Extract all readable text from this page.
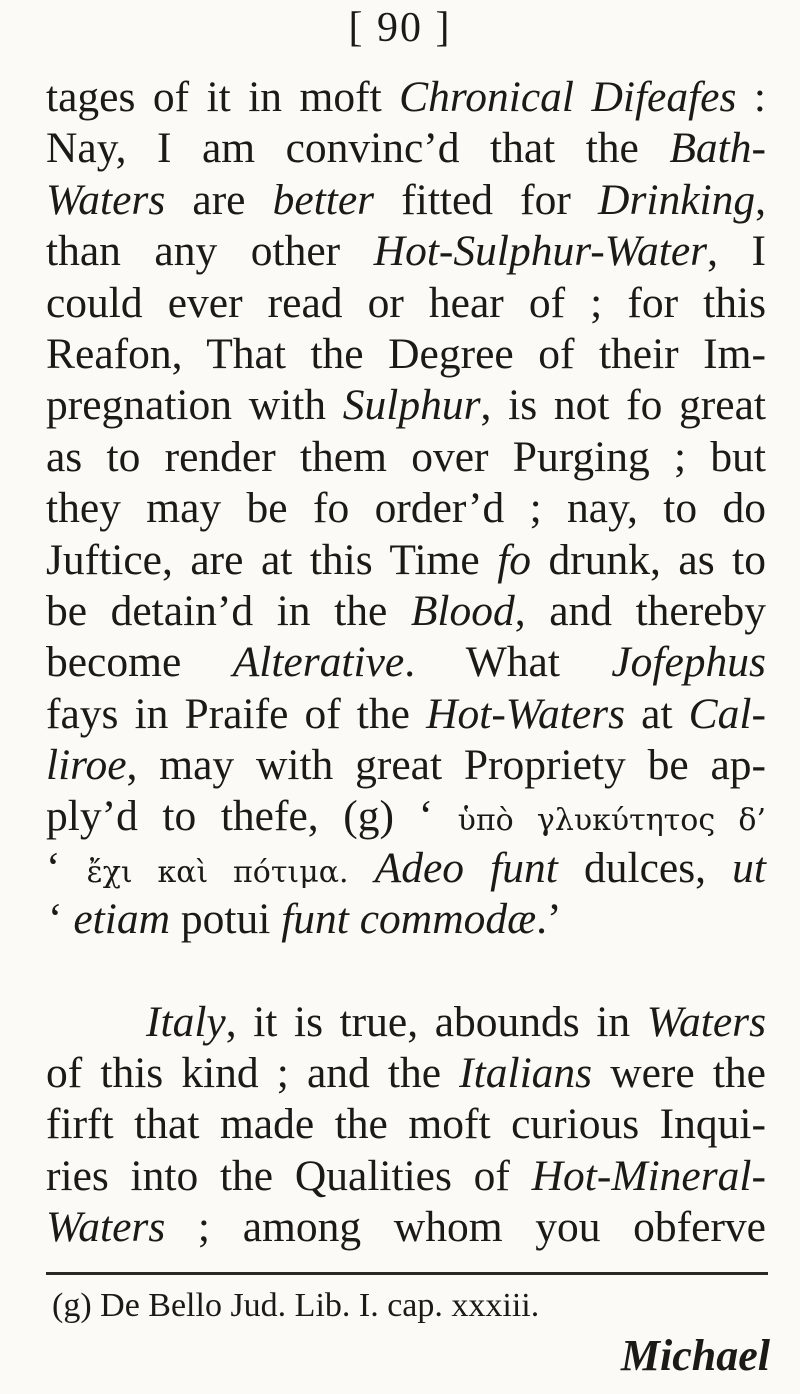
[ 90 ]
tages of it in moft Chronical Difeafes :
Nay, I am convinc’d that the Bath-
Waters are better fitted for Drinking,
than any other Hot-Sulphur-Water, I
could ever read or hear of ; for this
Reafon, That the Degree of their Im-
pregnation with Sulphur, is not fo great
as to render them over Purging ; but
they may be fo order’d ; nay, to do
Juftice, are at this Time fo drunk, as to
be detain’d in the Blood, and thereby
become Alterative. What Jofephus
fays in Praife of the Hot-Waters at Cal-
liroe, may with great Propriety be ap-
ply’d to thefe, (g) ‘ ὑπὸ γλυκύτητος δ’
‘ ἔχι καὶ πότιμα. Adeo funt dulces, ut
‘ etiam potui funt commodæ.’
Italy, it is true, abounds in Waters
of this kind ; and the Italians were the
firft that made the moft curious Inqui-
ries into the Qualities of Hot-Mineral-
Waters ; among whom you obferve
(g) De Bello Jud. Lib. I. cap. xxxiii.
Michael
